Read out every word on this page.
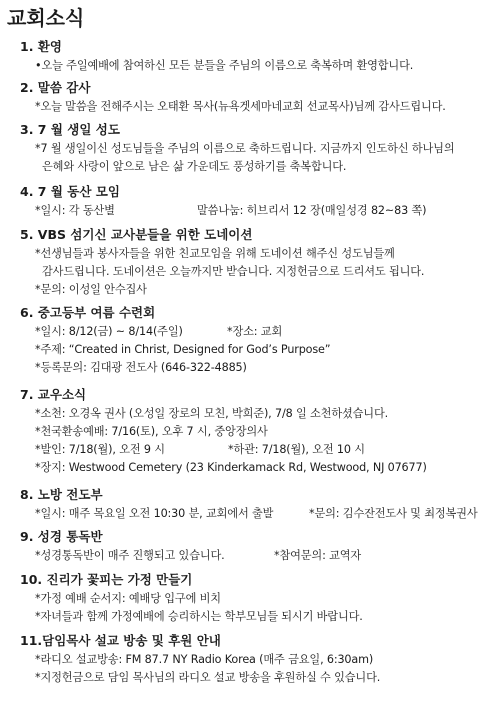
교회소식
1. 환영
•오늘 주일예배에 참여하신 모든 분들을 주님의 이름으로 축복하며 환영합니다.
2. 말씀 감사
*오늘 말씀을 전해주시는 오태환 목사(뉴욕겟세마네교회 선교목사)님께 감사드립니다.
3. 7 월 생일 성도
*7 월 생일이신 성도님들을 주님의 이름으로 축하드립니다. 지금까지 인도하신 하나님의
은혜와 사랑이 앞으로 남은 삶 가운데도 풍성하기를 축복합니다.
4. 7 월 동산 모임
*일시: 각 동산별	말씀나눔: 히브리서 12 장(매일성경 82~83 쪽)
5. VBS 섬기신 교사분들을 위한 도네이션
*선생님들과 봉사자들을 위한 친교모임을 위해 도네이션 해주신 성도님들께
감사드립니다. 도네이션은 오늘까지만 받습니다. 지정헌금으로 드리셔도 됩니다.
*문의: 이성일 안수집사
6. 중고등부 여름 수련회
*일시: 8/12(금) ~ 8/14(주일)	*장소: 교회
*주제: “Created in Christ, Designed for God’s Purpose”
*등록문의: 김대광 전도사 (646-322-4885)
7. 교우소식
*소천: 오경옥 권사 (오성일 장로의 모친, 박희준), 7/8 일 소천하셨습니다.
*천국환송예배: 7/16(토), 오후 7 시, 중앙장의사
*발인: 7/18(월), 오전 9 시	*하관: 7/18(월), 오전 10 시
*장지: Westwood Cemetery (23 Kinderkamack Rd, Westwood, NJ 07677)
8. 노방 전도부
*일시: 매주 목요일 오전 10:30 분, 교회에서 출발	*문의: 김수잔전도사 및 최정복권사
9. 성경 통독반
*성경통독반이 매주 진행되고 있습니다.	*참여문의: 교역자
10. 진리가 꽃피는 가정 만들기
*가정 예배 순서지: 예배당 입구에 비치
*자녀들과 함께 가정예배에 승리하시는 학부모님들 되시기 바랍니다.
11.담임목사 설교 방송 및 후원 안내
*라디오 설교방송: FM 87.7 NY Radio Korea (매주 금요일, 6:30am)
*지정헌금으로 담임 목사님의 라디오 설교 방송을 후원하실 수 있습니다.
